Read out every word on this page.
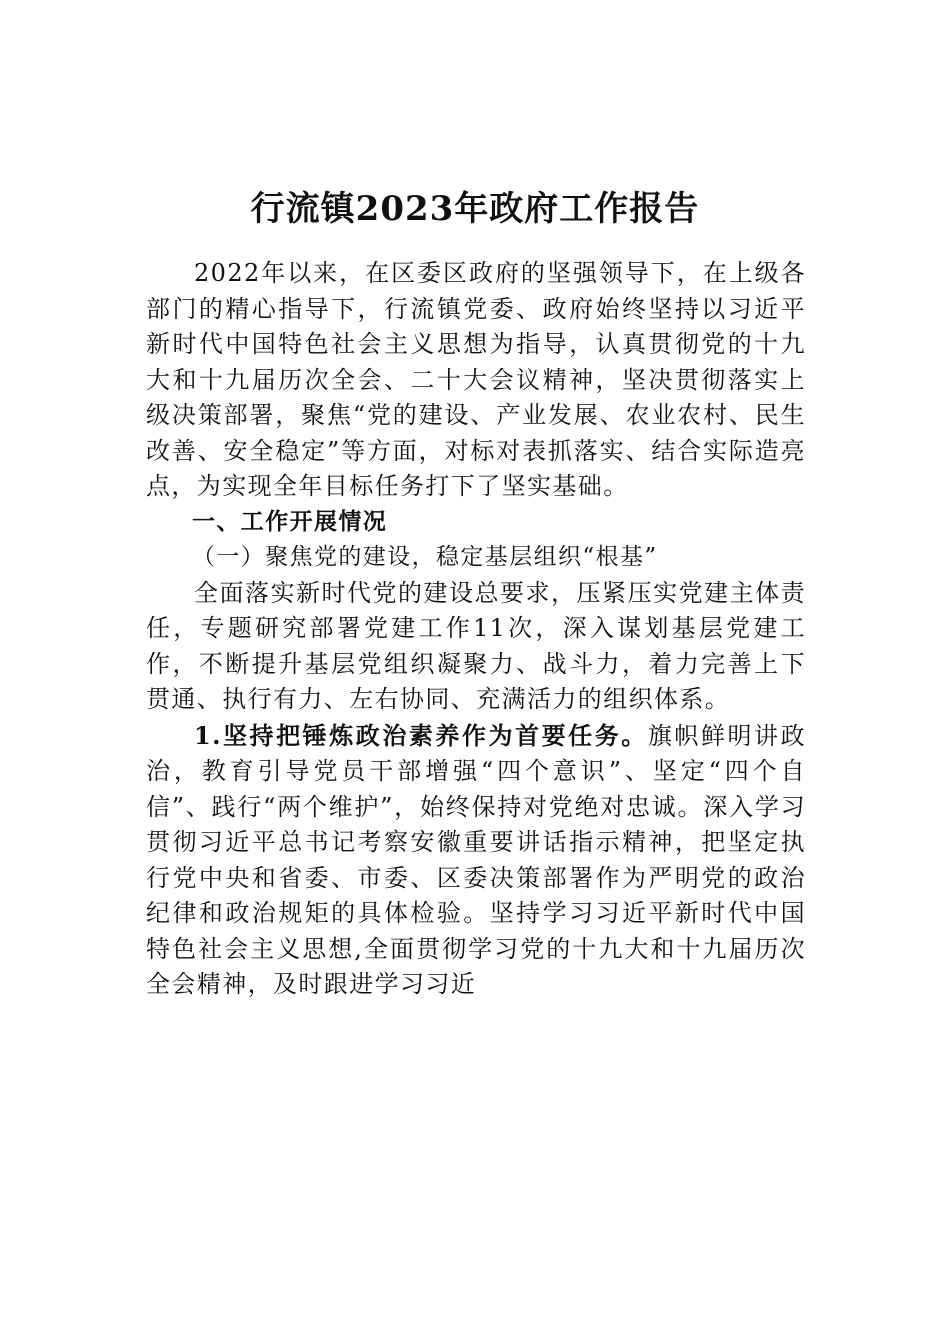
行流镇2023年政府工作报告

2022年以来，在区委区政府的坚强领导下，在上级各部门的精心指导下，行流镇党委、政府始终坚持以习近平新时代中国特色社会主义思想为指导，认真贯彻党的十九大和十九届历次全会、二十大会议精神，坚决贯彻落实上级决策部署，聚焦“党的建设、产业发展、农业农村、民生改善、安全稳定”等方面，对标对表抓落实、结合实际造亮点，为实现全年目标任务打下了坚实基础。

一、工作开展情况

（一）聚焦党的建设，稳定基层组织“根基”

全面落实新时代党的建设总要求，压紧压实党建主体责任，专题研究部署党建工作11次，深入谋划基层党建工作，不断提升基层党组织凝聚力、战斗力，着力完善上下贯通、执行有力、左右协同、充满活力的组织体系。

1.坚持把锤炼政治素养作为首要任务。旗帜鲜明讲政治，教育引导党员干部增强“四个意识”、坚定“四个自信”、践行“两个维护”，始终保持对党绝对忠诚。深入学习贯彻习近平总书记考察安徽重要讲话指示精神，把坚定执行党中央和省委、市委、区委决策部署作为严明党的政治纪律和政治规矩的具体检验。坚持学习习近平新时代中国特色社会主义思想,全面贯彻学习党的十九大和十九届历次全会精神，及时跟进学习习近
